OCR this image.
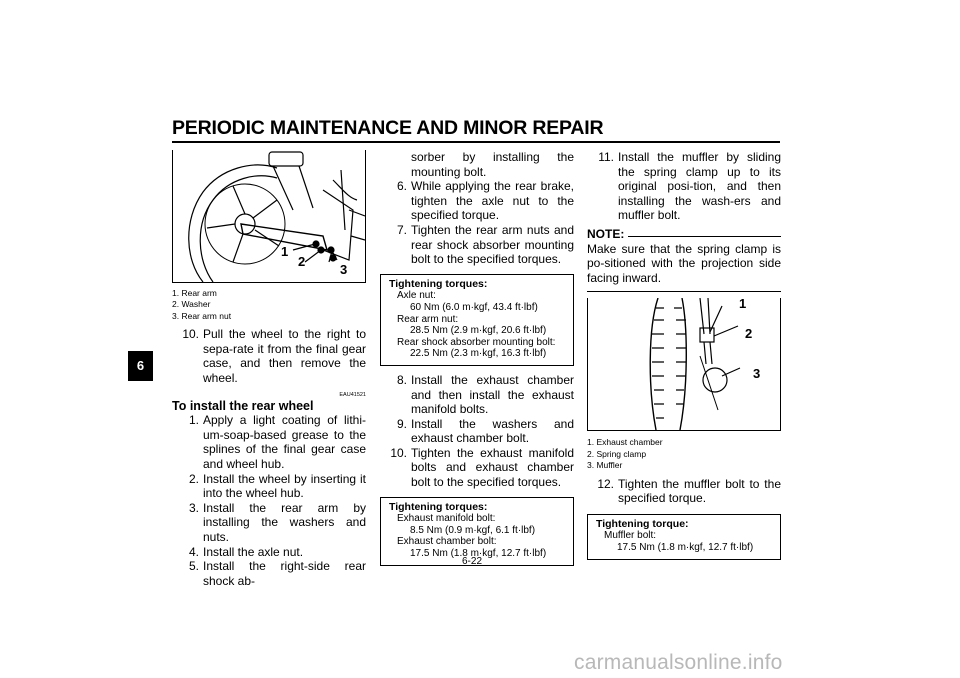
PERIODIC MAINTENANCE AND MINOR REPAIR
6
1
2
3
1. Rear arm
2. Washer
3. Rear arm nut
10. Pull the wheel to the right to sepa-rate it from the final gear case, and then remove the wheel.
EAU41521
To install the rear wheel
1. Apply a light coating of lithi-um-soap-based grease to the splines of the final gear case and wheel hub.
2. Install the wheel by inserting it into the wheel hub.
3. Install the rear arm by installing the washers and nuts.
4. Install the axle nut.
5. Install the right-side rear shock ab-
sorber by installing the mounting bolt.
6. While applying the rear brake, tighten the axle nut to the specified torque.
7. Tighten the rear arm nuts and rear shock absorber mounting bolt to the specified torques.
Tightening torques:
Axle nut:
60 Nm (6.0 m·kgf, 43.4 ft·lbf)
Rear arm nut:
28.5 Nm (2.9 m·kgf, 20.6 ft·lbf)
Rear shock absorber mounting bolt:
22.5 Nm (2.3 m·kgf, 16.3 ft·lbf)
8. Install the exhaust chamber and then install the exhaust manifold bolts.
9. Install the washers and exhaust chamber bolt.
10. Tighten the exhaust manifold bolts and exhaust chamber bolt to the specified torques.
Tightening torques:
Exhaust manifold bolt:
8.5 Nm (0.9 m·kgf, 6.1 ft·lbf)
Exhaust chamber bolt:
17.5 Nm (1.8 m·kgf, 12.7 ft·lbf)
11. Install the muffler by sliding the spring clamp up to its original posi-tion, and then installing the wash-ers and muffler bolt.
NOTE:

Make sure that the spring clamp is po-sitioned with the projection side facing inward.

1
2
3
1. Exhaust chamber
2. Spring clamp
3. Muffler
12. Tighten the muffler bolt to the specified torque.
Tightening torque:
Muffler bolt:
17.5 Nm (1.8 m·kgf, 12.7 ft·lbf)
6-22
carmanualsonline.info
